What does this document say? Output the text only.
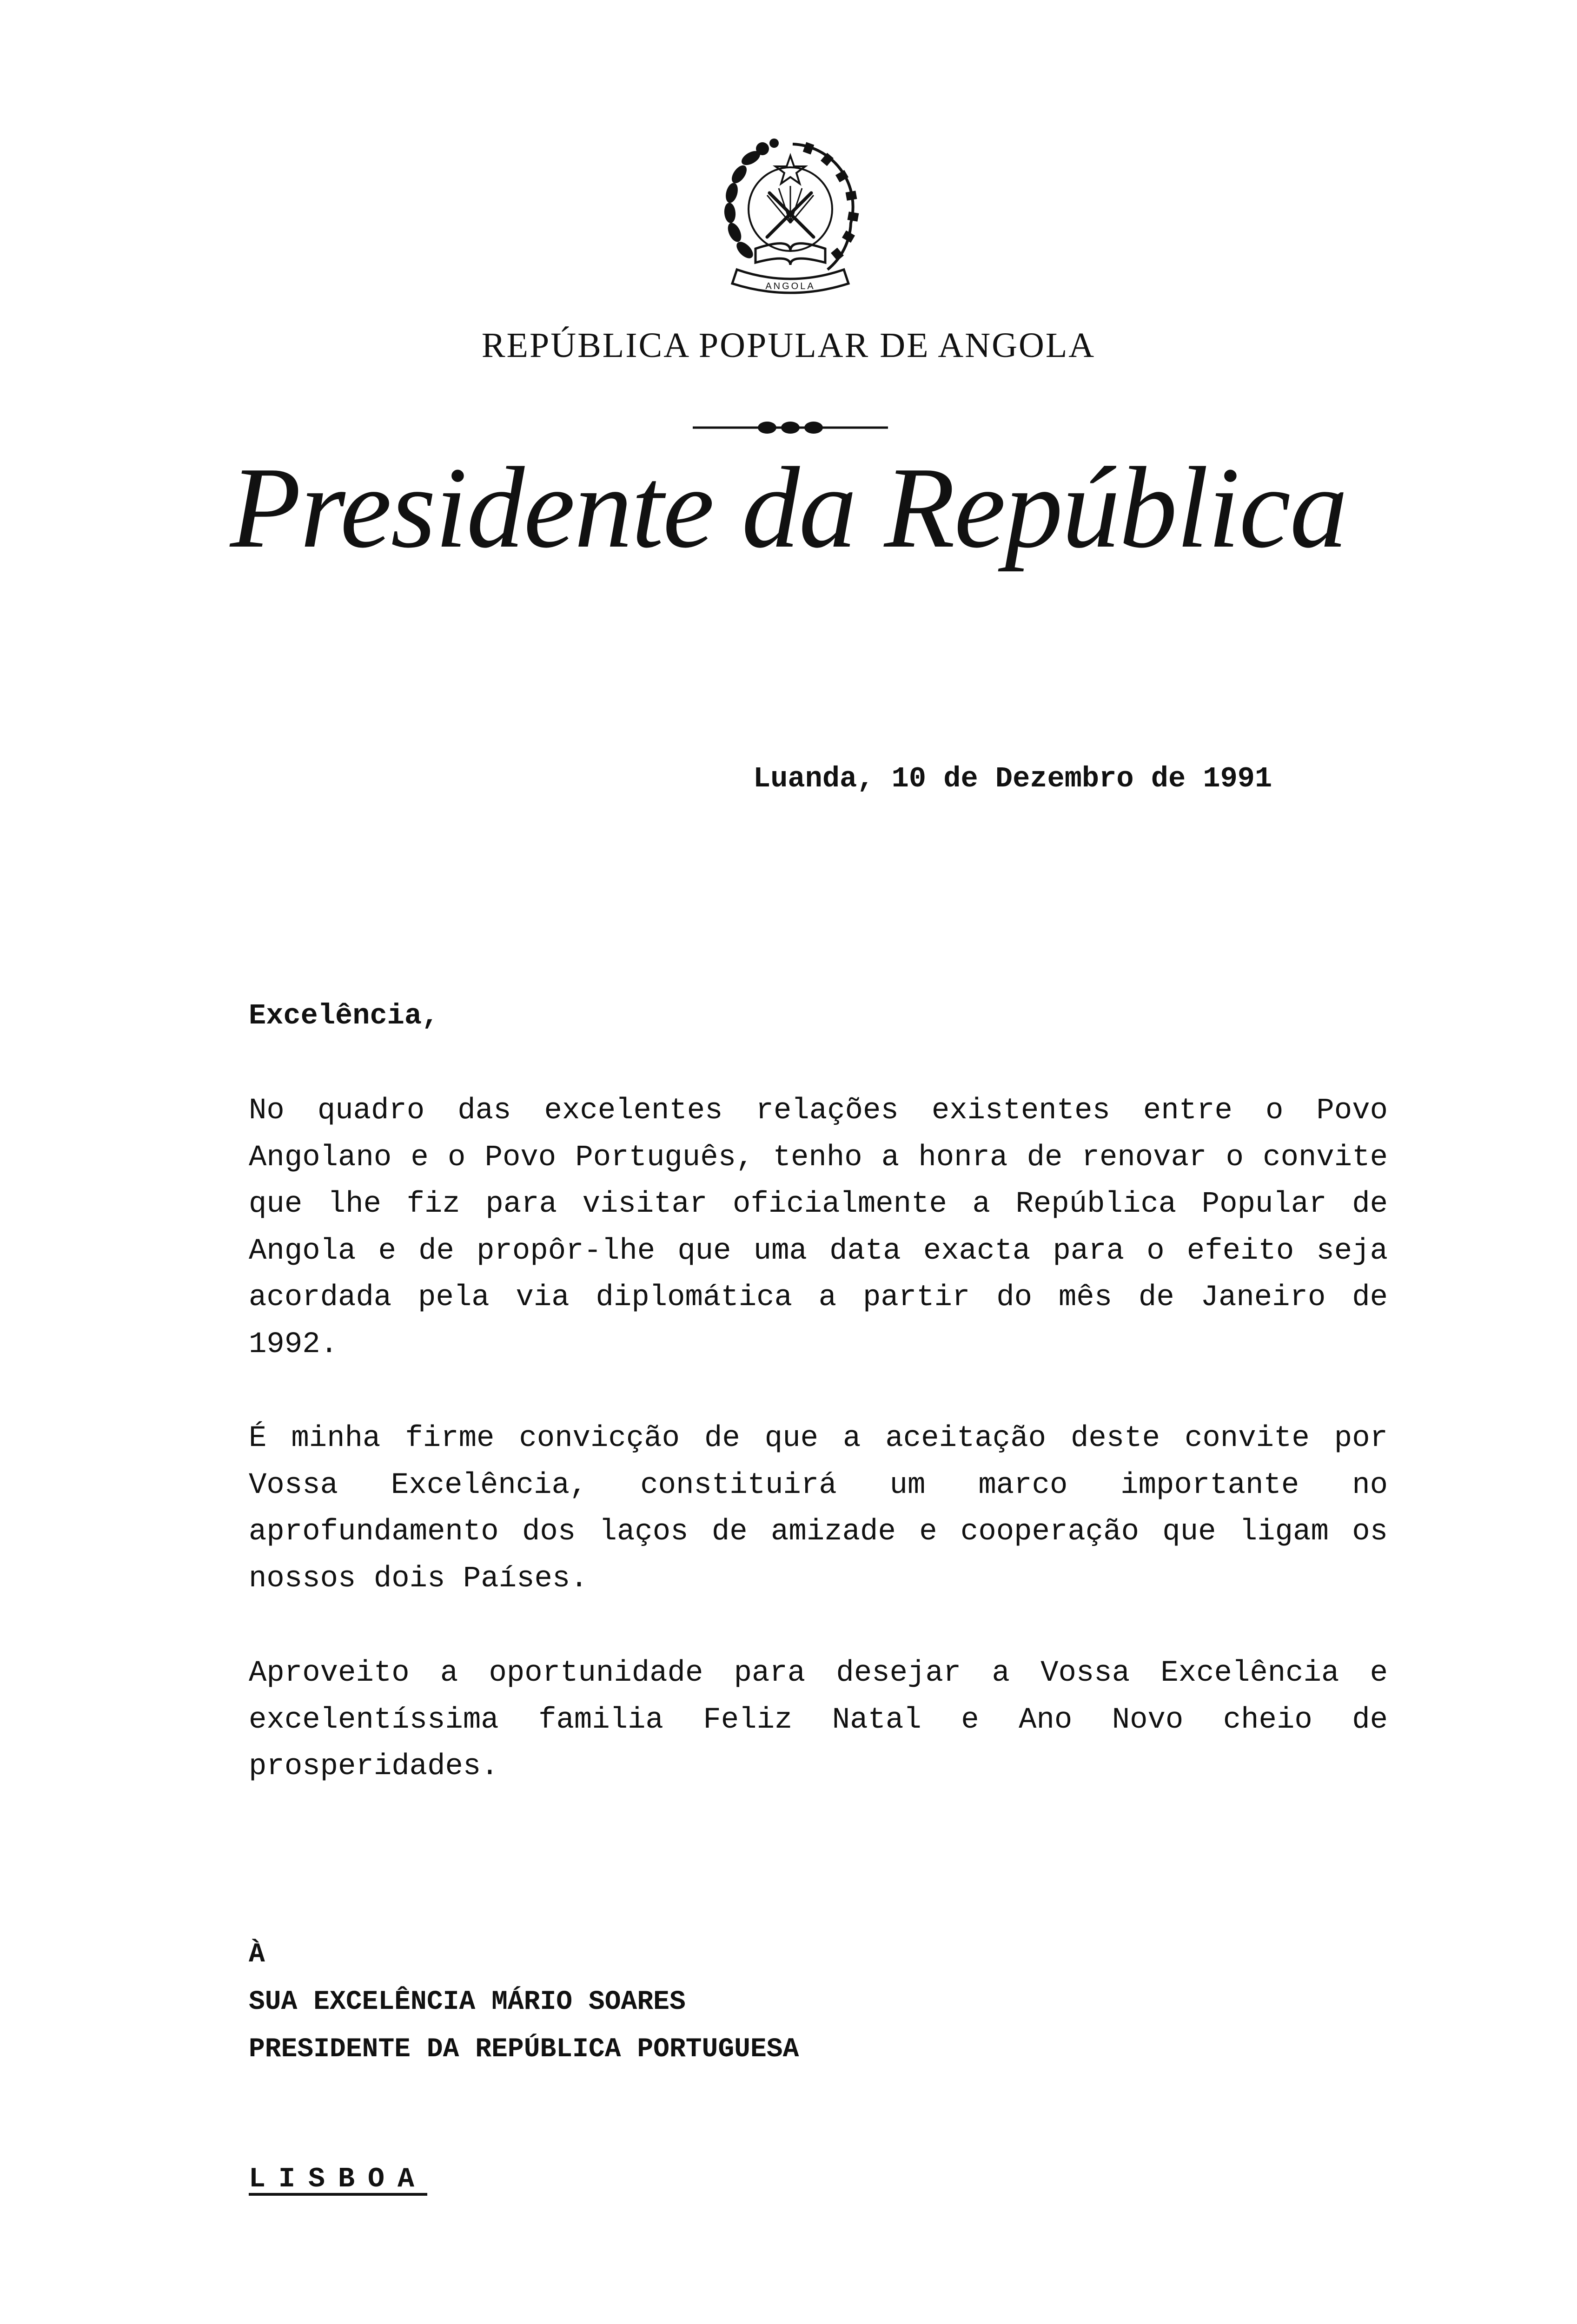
ANGOLA
REPÚBLICA POPULAR DE ANGOLA
Presidente da República
Luanda, 10 de Dezembro de 1991
Excelência,

No quadro das excelentes relações existentes entre o Povo Angolano e o Povo Português, tenho a honra de renovar o convite que lhe fiz para visitar oficialmente a República Popular de Angola e de propôr-lhe que uma data exacta para o efeito seja acordada pela via diplomática a partir do mês de Janeiro de 1992.

É minha firme convicção de que a aceitação deste convite por Vossa Excelência, constituirá um marco importante no aprofundamento dos laços de amizade e cooperação que ligam os nossos dois Países.

Aproveito a oportunidade para desejar a Vossa Excelência e excelentíssima familia Feliz Natal e Ano Novo cheio de prosperidades.

À
SUA EXCELÊNCIA MÁRIO SOARES
PRESIDENTE DA REPÚBLICA PORTUGUESA
LISBOA
